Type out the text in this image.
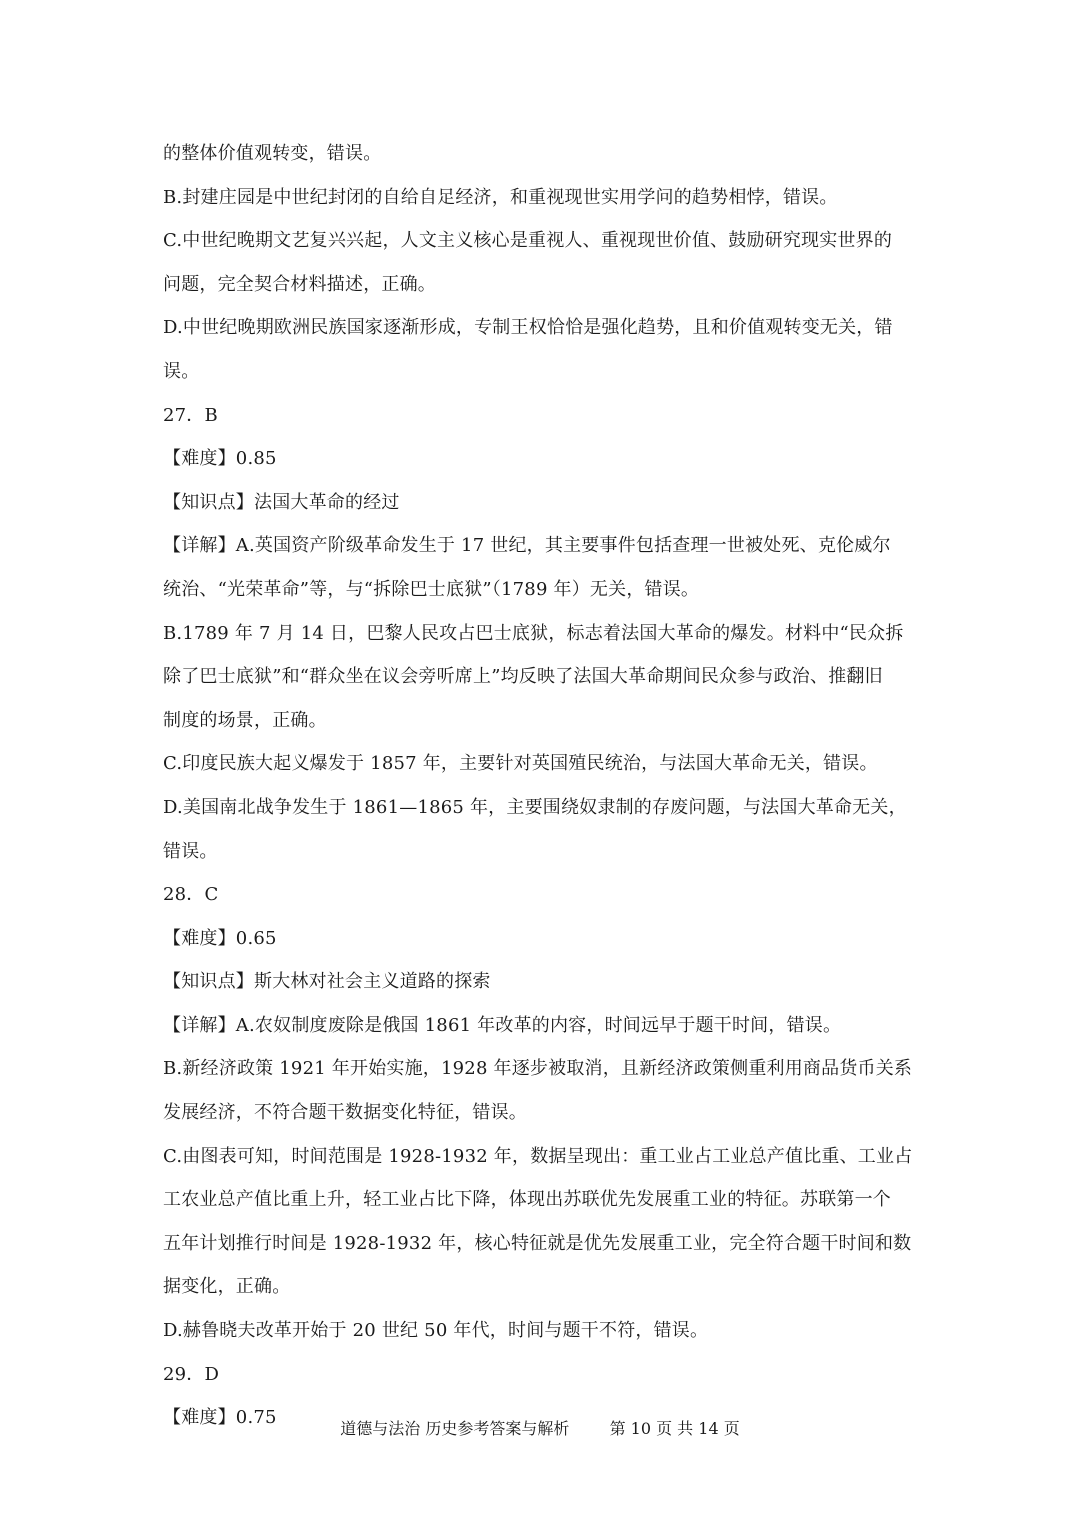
的整体价值观转变，错误。
B.封建庄园是中世纪封闭的自给自足经济，和重视现世实用学问的趋势相悖，错误。
C.中世纪晚期文艺复兴兴起，人文主义核心是重视人、重视现世价值、鼓励研究现实世界的
问题，完全契合材料描述，正确。
D.中世纪晚期欧洲民族国家逐渐形成，专制王权恰恰是强化趋势，且和价值观转变无关，错
误。
27．B
【难度】0.85
【知识点】法国大革命的经过
【详解】A.英国资产阶级革命发生于 17 世纪，其主要事件包括查理一世被处死、克伦威尔
统治、“光荣革命”等，与“拆除巴士底狱”（1789 年）无关，错误。
B.1789 年 7 月 14 日，巴黎人民攻占巴士底狱，标志着法国大革命的爆发。材料中“民众拆
除了巴士底狱”和“群众坐在议会旁听席上”均反映了法国大革命期间民众参与政治、推翻旧
制度的场景，正确。
C.印度民族大起义爆发于 1857 年，主要针对英国殖民统治，与法国大革命无关，错误。
D.美国南北战争发生于 1861—1865 年，主要围绕奴隶制的存废问题，与法国大革命无关，
错误。
28．C
【难度】0.65
【知识点】斯大林对社会主义道路的探索
【详解】A.农奴制度废除是俄国 1861 年改革的内容，时间远早于题干时间，错误。
B.新经济政策 1921 年开始实施，1928 年逐步被取消，且新经济政策侧重利用商品货币关系
发展经济，不符合题干数据变化特征，错误。
C.由图表可知，时间范围是 1928-1932 年，数据呈现出：重工业占工业总产值比重、工业占
工农业总产值比重上升，轻工业占比下降，体现出苏联优先发展重工业的特征。苏联第一个
五年计划推行时间是 1928-1932 年，核心特征就是优先发展重工业，完全符合题干时间和数
据变化，正确。
D.赫鲁晓夫改革开始于 20 世纪 50 年代，时间与题干不符，错误。
29．D
【难度】0.75
道德与法治 历史参考答案与解析	第 10 页 共 14 页
